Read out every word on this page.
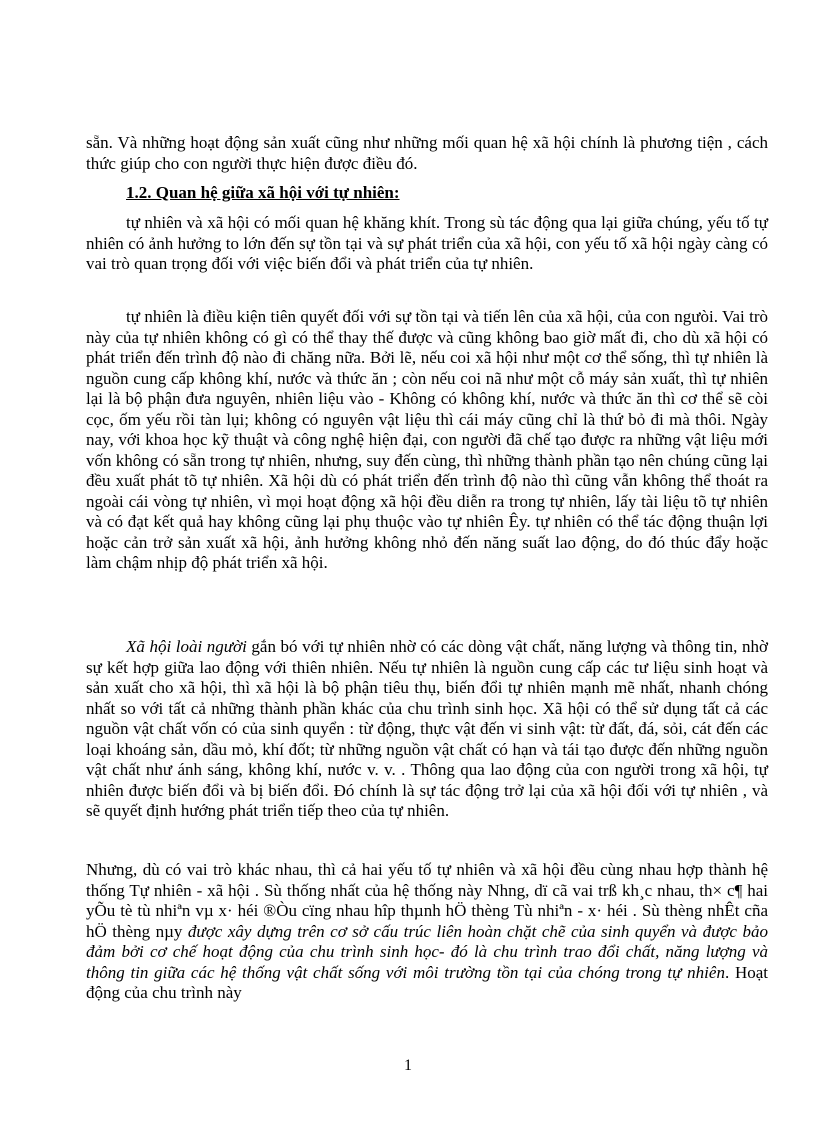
sẵn. Và những hoạt động sản xuất cũng như những mối quan hệ xã hội chính là phương tiện , cách thức giúp cho con người thực hiện được điều đó.

1.2. Quan hệ giữa xã hội với tự nhiên:

tự nhiên và xã hội có mối quan hệ khăng khít. Trong sù tác động qua lại giữa chúng, yếu tố tự nhiên có ảnh hưởng to lớn đến sự tồn tại và sự phát triển của xã hội, con yếu tố xã hội ngày càng có vai trò quan trọng đối với việc biến đổi và phát triển của tự nhiên.

tự nhiên là điều kiện tiên quyết đối với sự tồn tại và tiến lên của xã hội, của con ngưòi. Vai trò này của tự nhiên không có gì có thể thay thế được và cũng không bao giờ mất đi, cho dù xã hội có phát triển đến trình độ nào đi chăng nữa. Bởi lẽ, nếu coi xã hội như một cơ thể sống, thì tự nhiên là nguồn cung cấp không khí, nước và thức ăn ; còn nếu coi nã như một cỗ máy sản xuất, thì tự nhiên lại là bộ phận đưa nguyên, nhiên liệu vào - Không có không khí, nước và thức ăn thì cơ thể sẽ còi cọc, ốm yếu rồi tàn lụi; không có nguyên vật liệu thì cái máy cũng chỉ là thứ bỏ đi mà thôi. Ngày nay, với khoa học kỹ thuật và công nghệ hiện đại, con người đã chế tạo được ra những vật liệu mới vốn không có sẵn trong tự nhiên, nhưng, suy đến cùng, thì những thành phần tạo nên chúng cũng lại đều xuất phát tõ tự nhiên. Xã hội dù có phát triển đến trình độ nào thì cũng vẫn không thể thoát ra ngoài cái vòng tự nhiên, vì mọi hoạt động xã hội đều diễn ra trong tự nhiên, lấy tài liệu tõ tự nhiên và có đạt kết quả hay không cũng lại phụ thuộc vào tự nhiên Êy. tự nhiên có thể tác động thuận lợi hoặc cản trở sản xuất xã hội, ảnh hưởng không nhỏ đến năng suất lao động, do đó thúc đẩy hoặc làm chậm nhịp độ phát triển xã hội.

Xã hội loài người gắn bó với tự nhiên nhờ có các dòng vật chất, năng lượng và thông tin, nhờ sự kết hợp giữa lao động với thiên nhiên. Nếu tự nhiên là nguồn cung cấp các tư liệu sinh hoạt và sản xuất cho xã hội, thì xã hội là bộ phận tiêu thụ, biến đổi tự nhiên mạnh mẽ nhất, nhanh chóng nhất so với tất cả những thành phần khác của chu trình sinh học. Xã hội có thể sử dụng tất cả các nguồn vật chất vốn có của sinh quyển : từ động, thực vật đến vi sinh vật: từ đất, đá, sỏi, cát đến các loại khoáng sản, dầu mỏ, khí đốt; từ những nguồn vật chất có hạn và tái tạo được đến những nguồn vật chất như ánh sáng, không khí, nước v. v. . Thông qua lao động của con người trong xã hội, tự nhiên được biến đổi và bị biến đổi. Đó chính là sự tác động trở lại của xã hội đối với tự nhiên , và sẽ quyết định hướng phát triển tiếp theo của tự nhiên.

Nhưng, dù có vai trò khác nhau, thì cả hai yếu tố tự nhiên và xã hội đều cùng nhau hợp thành hệ thống Tự nhiên - xã hội . Sù thống nhất của hệ thống này Nhng, dï cã vai trß kh¸c nhau, th× c¶ hai yÕu tè tù nhiªn vµ x· héi ®Òu cïng nhau hîp thµnh hÖ thèng Tù nhiªn - x· héi . Sù thèng nhÊt cña hÖ thèng nµy được xây dựng trên cơ sở cấu trúc liên hoàn chặt chẽ của sinh quyển và được bảo đảm bởi cơ chế hoạt động của chu trình sinh học- đó là chu trình trao đổi chất, năng lượng và thông tin giữa các hệ thống vật chất sống với môi trường tồn tại của chóng trong tự nhiên. Hoạt động của chu trình này

1
